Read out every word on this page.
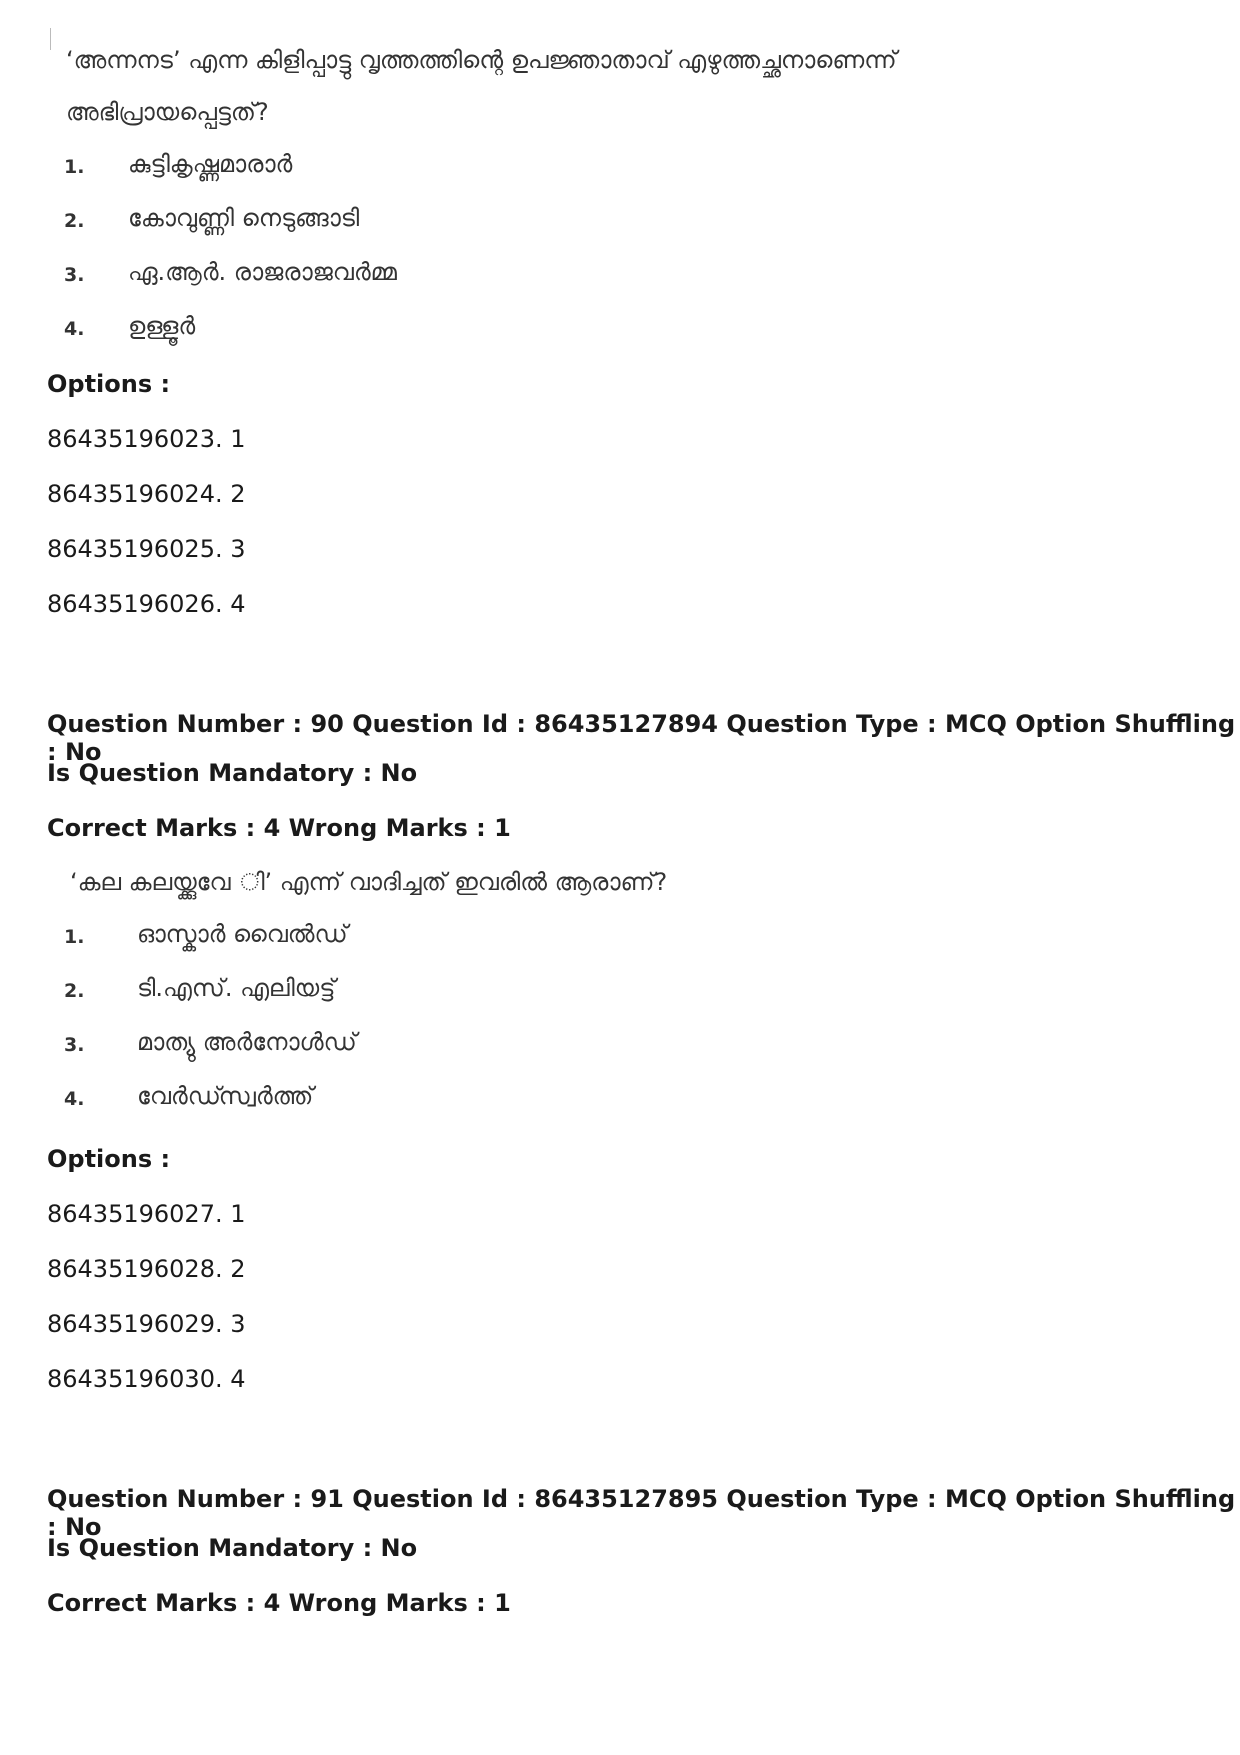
‘അന്നനട’ എന്ന കിളിപ്പാട്ടു വൃത്തത്തിന്റെ ഉപജ്ഞാതാവ് എഴുത്തച്ഛനാണെന്ന്
അഭിപ്രായപ്പെട്ടത്?
1. കുട്ടികൃഷ്ണമാരാർ
2. കോവുണ്ണി നെടുങ്ങാടി
3. ഏ.ആർ. രാജരാജവർമ്മ
4. ഉള്ളൂർ
Options :
86435196023. 1
86435196024. 2
86435196025. 3
86435196026. 4
Question Number : 90 Question Id : 86435127894 Question Type : MCQ Option Shuffling : No
Is Question Mandatory : No
Correct Marks : 4 Wrong Marks : 1
‘കല കലയ്ക്കുവേ ി’ എന്ന് വാദിച്ചത് ഇവരിൽ ആരാണ്?
1. ഓസ്കാർ വൈൽഡ്
2. ടി.എസ്. എലിയട്ട്
3. മാത്യു അർനോൾഡ്
4. വേർഡ്സ്വർത്ത്
Options :
86435196027. 1
86435196028. 2
86435196029. 3
86435196030. 4
Question Number : 91 Question Id : 86435127895 Question Type : MCQ Option Shuffling : No
Is Question Mandatory : No
Correct Marks : 4 Wrong Marks : 1
